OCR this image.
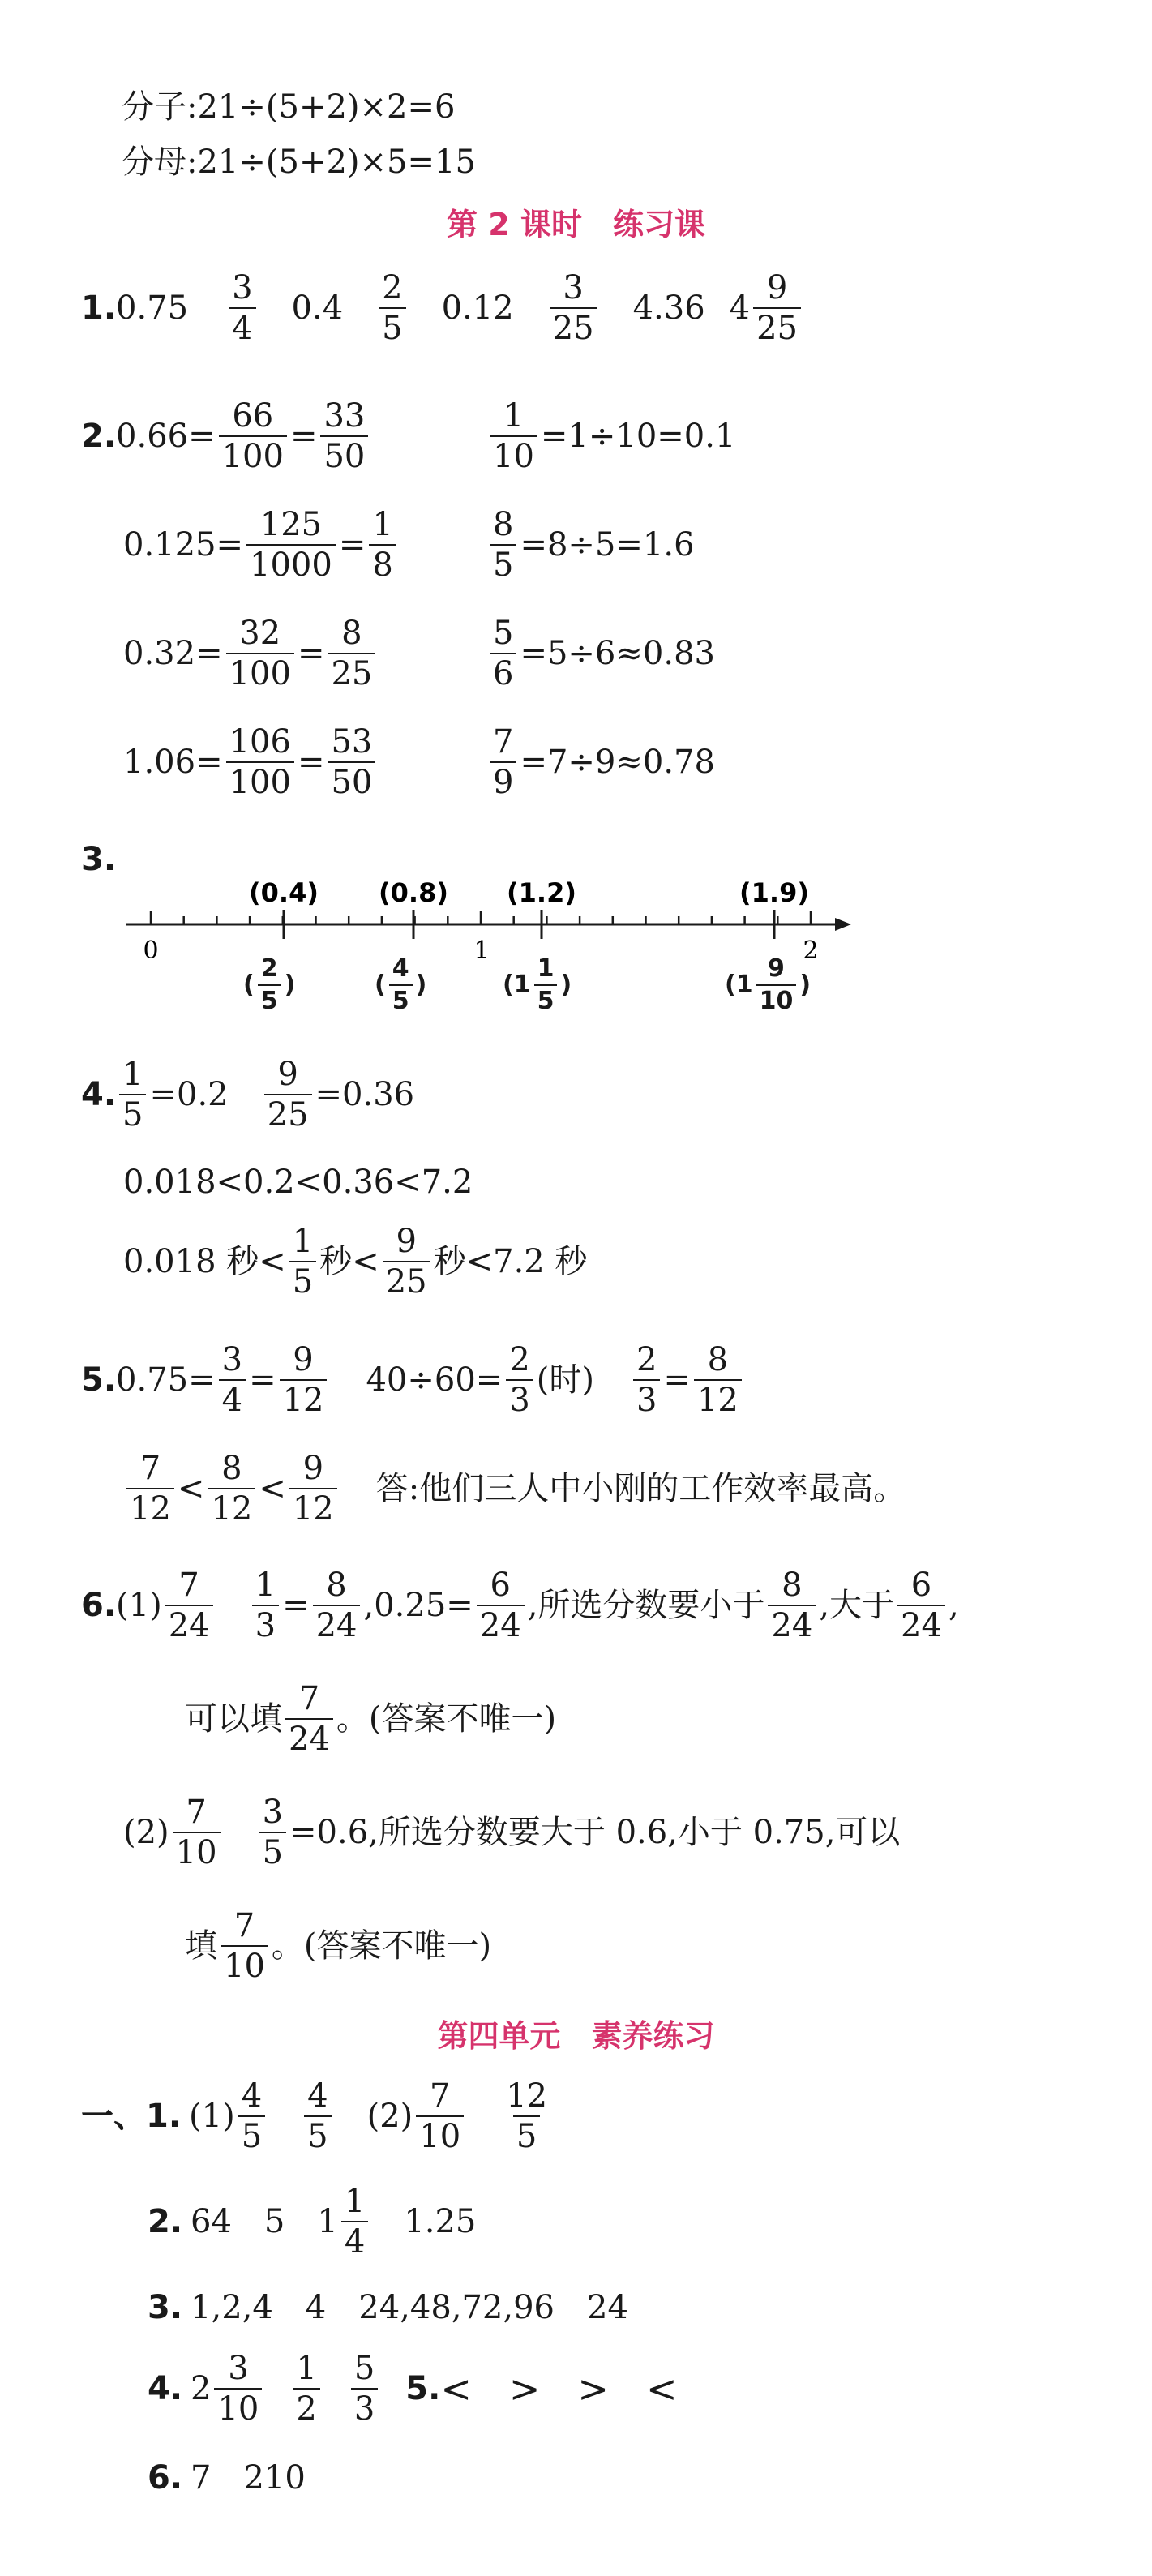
分子:21÷(5+2)×2=6
分母:21÷(5+2)×5=15
第 2 课时　练习课
1. $0.75 \frac{3}{4} 0.4 \frac{2}{5} 0.12 \frac{3}{25} 4.36$ $4 \frac{9}{25}$
2. $0.66= \frac{66}{100} = \frac{33}{50}$	$\frac{1}{10} =1\div 10=0.1$
$0.125= \frac{125}{1000} = \frac{1}{8}$	$\frac{8}{5} =8\div 5=1.6$
$0.32= \frac{32}{100} = \frac{8}{25}$	$\frac{5}{6} =5\div 6\approx 0.83$
$1.06= \frac{106}{100} = \frac{53}{50}$	$\frac{7}{9} =7\div 9\approx 0.78$
3.
(0.4) (0.8) (1.2)	(1.9)
0	1	2
( $\frac{2}{5}$ )	( $\frac{4}{5}$ )	($1 \frac{1}{5}$ )	($1 \frac{9}{10}$ )
4. $\frac{1}{5} =0.2 \frac{9}{25} =0.36$
0.018<0.2<0.36<7.2
0.018 秒< $\frac{1}{5}$ 秒< $\frac{9}{25}$ 秒<7.2 秒
5. $0.75= \frac{3}{4} = \frac{9}{12} 40\div 60= \frac{2}{3}$ (时) $\frac{2}{3} = \frac{8}{12}$
$\frac{7}{12} < \frac{8}{12} < \frac{9}{12}$ 答:他们三人中小刚的工作效率最高。
6. $(1) \frac{7}{24} \frac{1}{3} = \frac{8}{24} ,0.25= \frac{6}{24}$ ,所选分数要小于 $\frac{8}{24}$ ,大于 $\frac{6}{24}$ ,
可以填 $\frac{7}{24}$ 。(答案不唯一)
$(2) \frac{7}{10} \frac{3}{5} =0.6$,所选分数要大于 0.6,小于 0.75,可以
填 $\frac{7}{10}$ 。(答案不唯一)
第四单元　素养练习
一、 1. $(1) \frac{4}{5} \frac{4}{5} (2) \frac{7}{10} \frac{12}{5}$
2. 64　5　$1 \frac{1}{4} 1.25$
3. 1,2,4　4　24,48,72,96　24
4. $2 \frac{3}{10} \frac{1}{2} \frac{5}{3} 5$. <　>　>　<
6. 7　210
